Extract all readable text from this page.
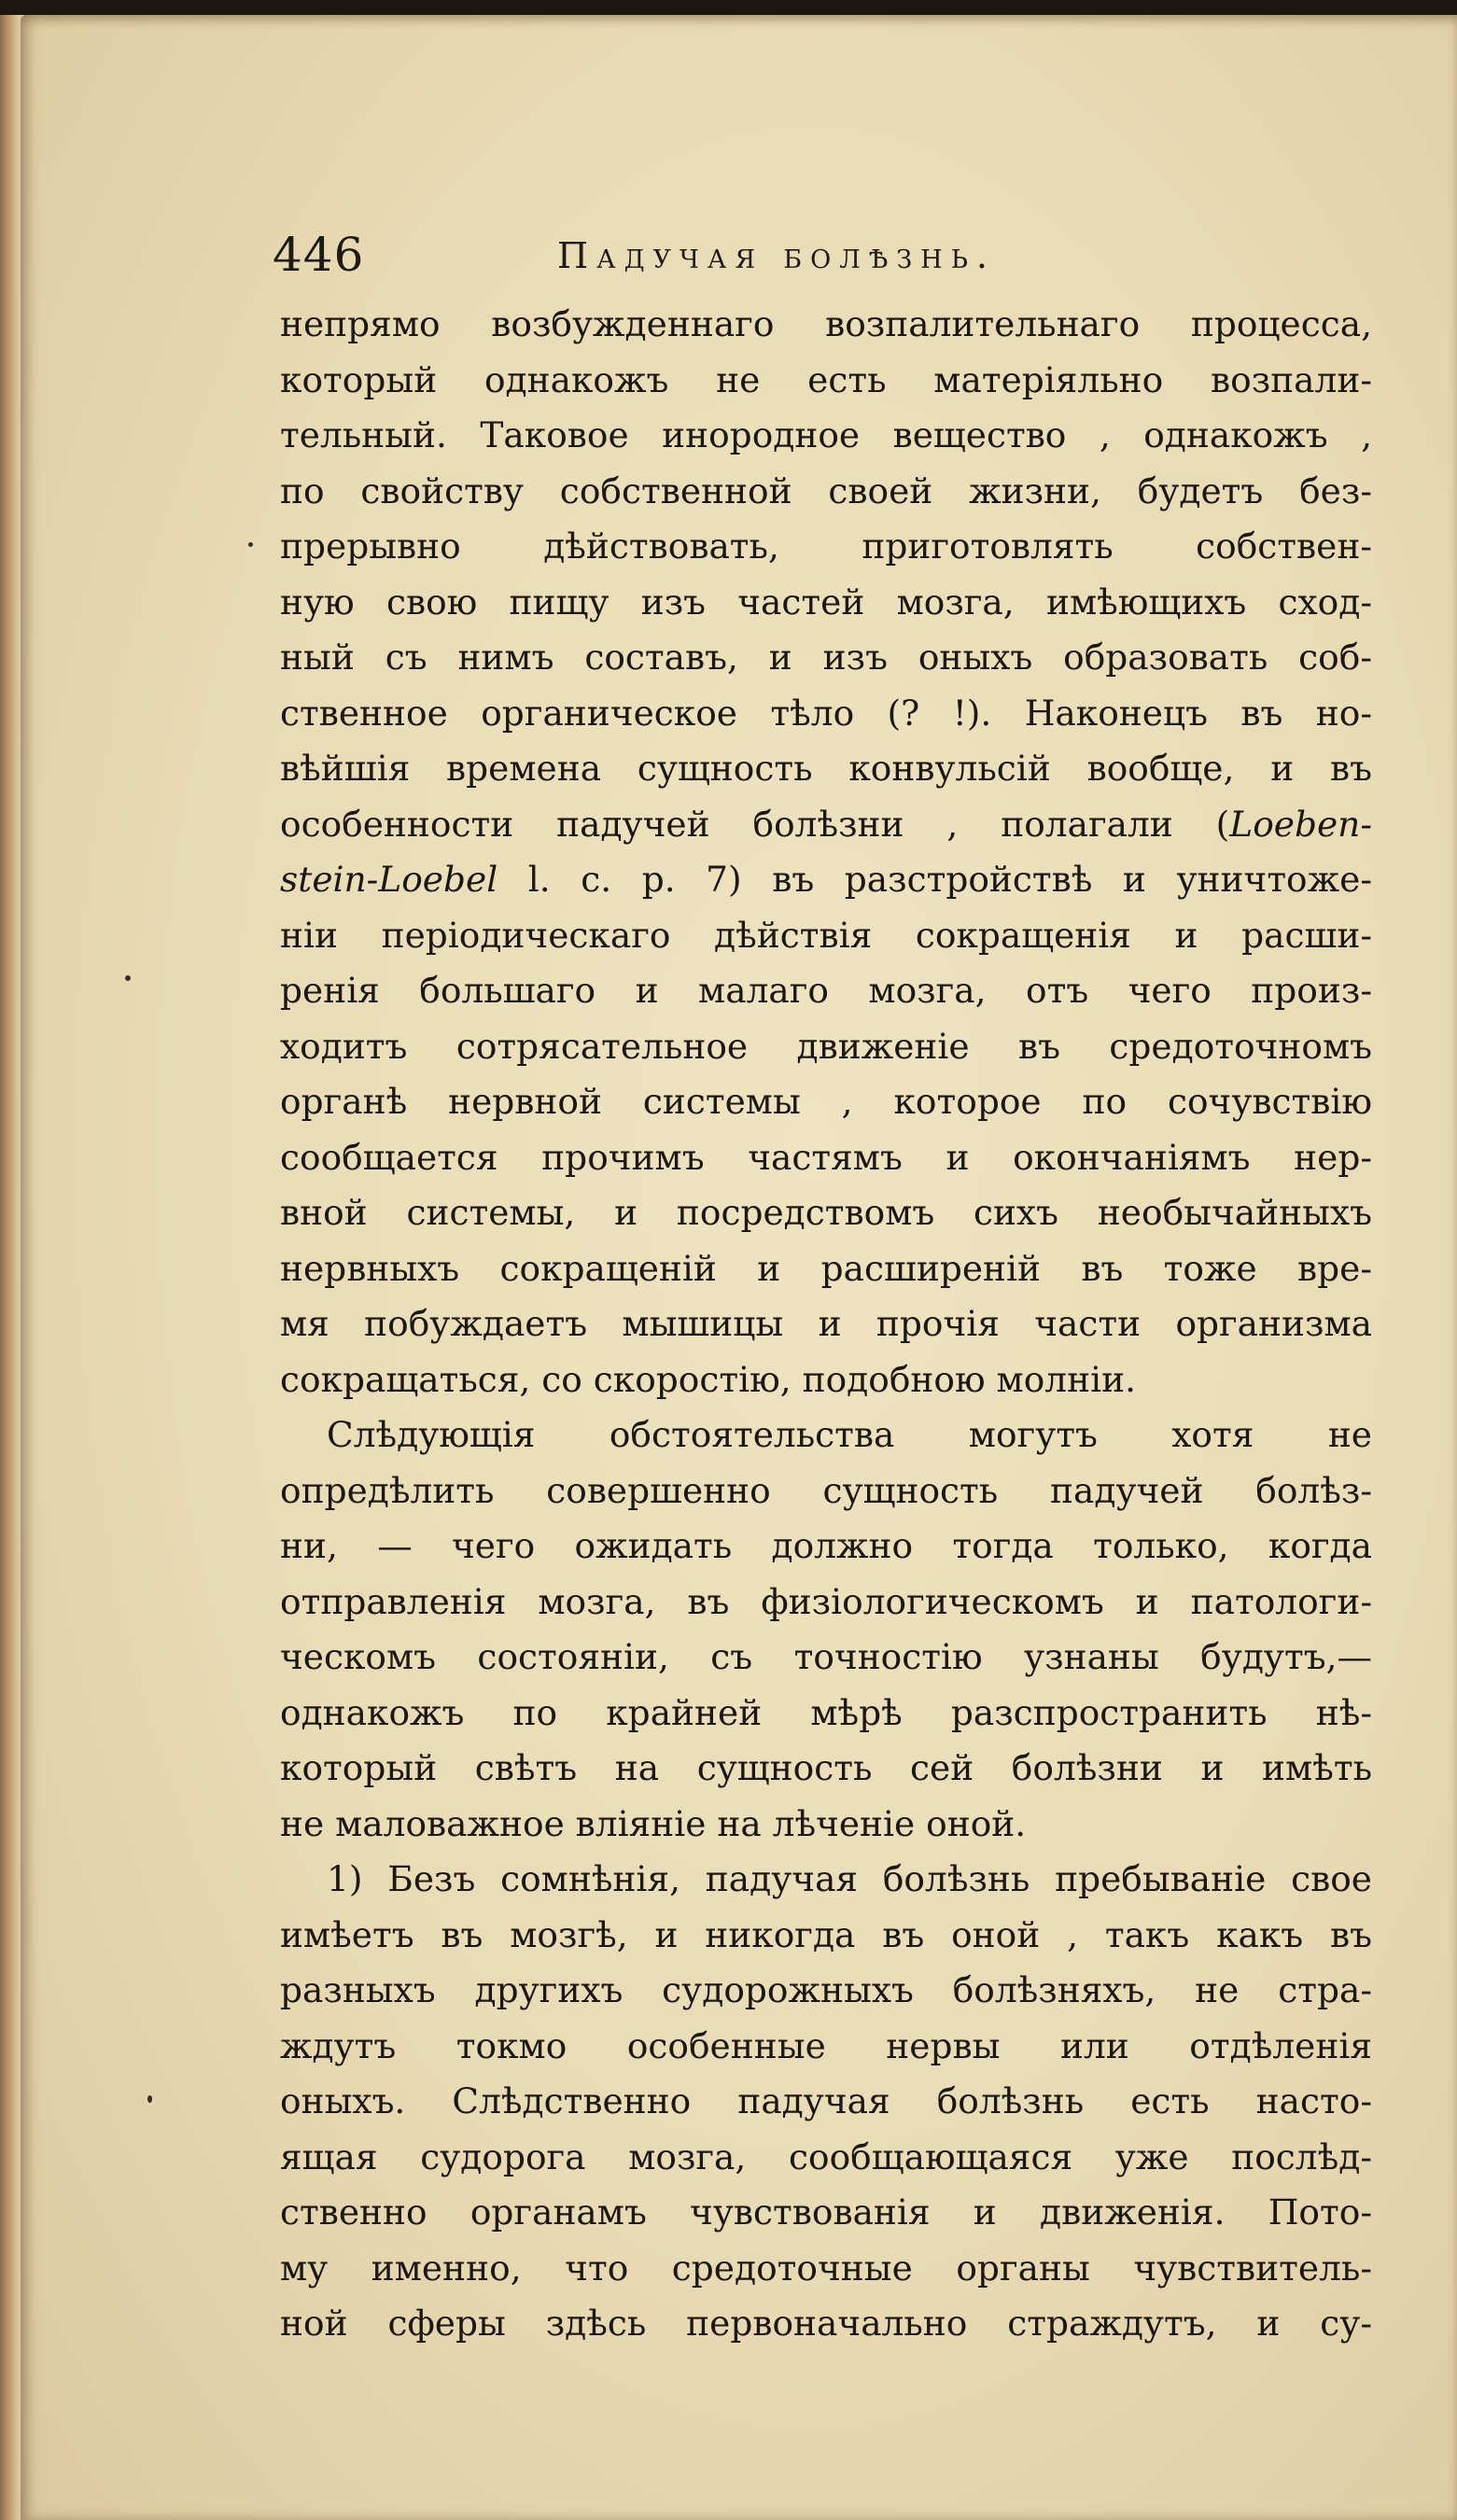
446	Падучая болѣзнь.
непрямо возбужденнаго возпалительнаго процесса,
который однакожъ не есть матеріяльно возпали-
тельный. Таковое инородное вещество , однакожъ ,
по свойству собственной своей жизни, будетъ без-
прерывно дѣйствовать, приготовлять собствен-
ную свою пищу изъ частей мозга, имѣющихъ сход-
ный съ нимъ составъ, и изъ оныхъ образовать соб-
ственное органическое тѣло (? !). Наконецъ въ но-
вѣйшія времена сущность конвульсій вообще, и въ
особенности падучей болѣзни , полагали (Loeben-
stein-Loebel l. c. p. 7) въ разстройствѣ и уничтоже-
ніи періодическаго дѣйствія сокращенія и расши-
ренія большаго и малаго мозга, отъ чего произ-
ходитъ сотрясательное движеніе въ средоточномъ
органѣ нервной системы , которое по сочувствію
сообщается прочимъ частямъ и окончаніямъ нер-
вной системы, и посредствомъ сихъ необычайныхъ
нервныхъ сокращеній и расширеній въ тоже вре-
мя побуждаетъ мышицы и прочія части организма
сокращаться, со скоростію, подобною молніи.
Слѣдующія обстоятельства могутъ хотя не
опредѣлить совершенно сущность падучей болѣз-
ни, — чего ожидать должно тогда только, когда
отправленія мозга, въ физіологическомъ и патологи-
ческомъ состояніи, съ точностію узнаны будутъ,—
однакожъ по крайней мѣрѣ разспространить нѣ-
который свѣтъ на сущность сей болѣзни и имѣть
не маловажное вліяніе на лѣченіе оной.
1) Безъ сомнѣнія, падучая болѣзнь пребываніе свое
имѣетъ въ мозгѣ, и никогда въ оной , такъ какъ въ
разныхъ другихъ судорожныхъ болѣзняхъ, не стра-
ждутъ токмо особенные нервы или отдѣленія
оныхъ. Слѣдственно падучая болѣзнь есть насто-
ящая судорога мозга, сообщающаяся уже послѣд-
ственно органамъ чувствованія и движенія. Пото-
му именно, что средоточные органы чувствитель-
ной сферы здѣсь первоначально страждутъ, и су-
